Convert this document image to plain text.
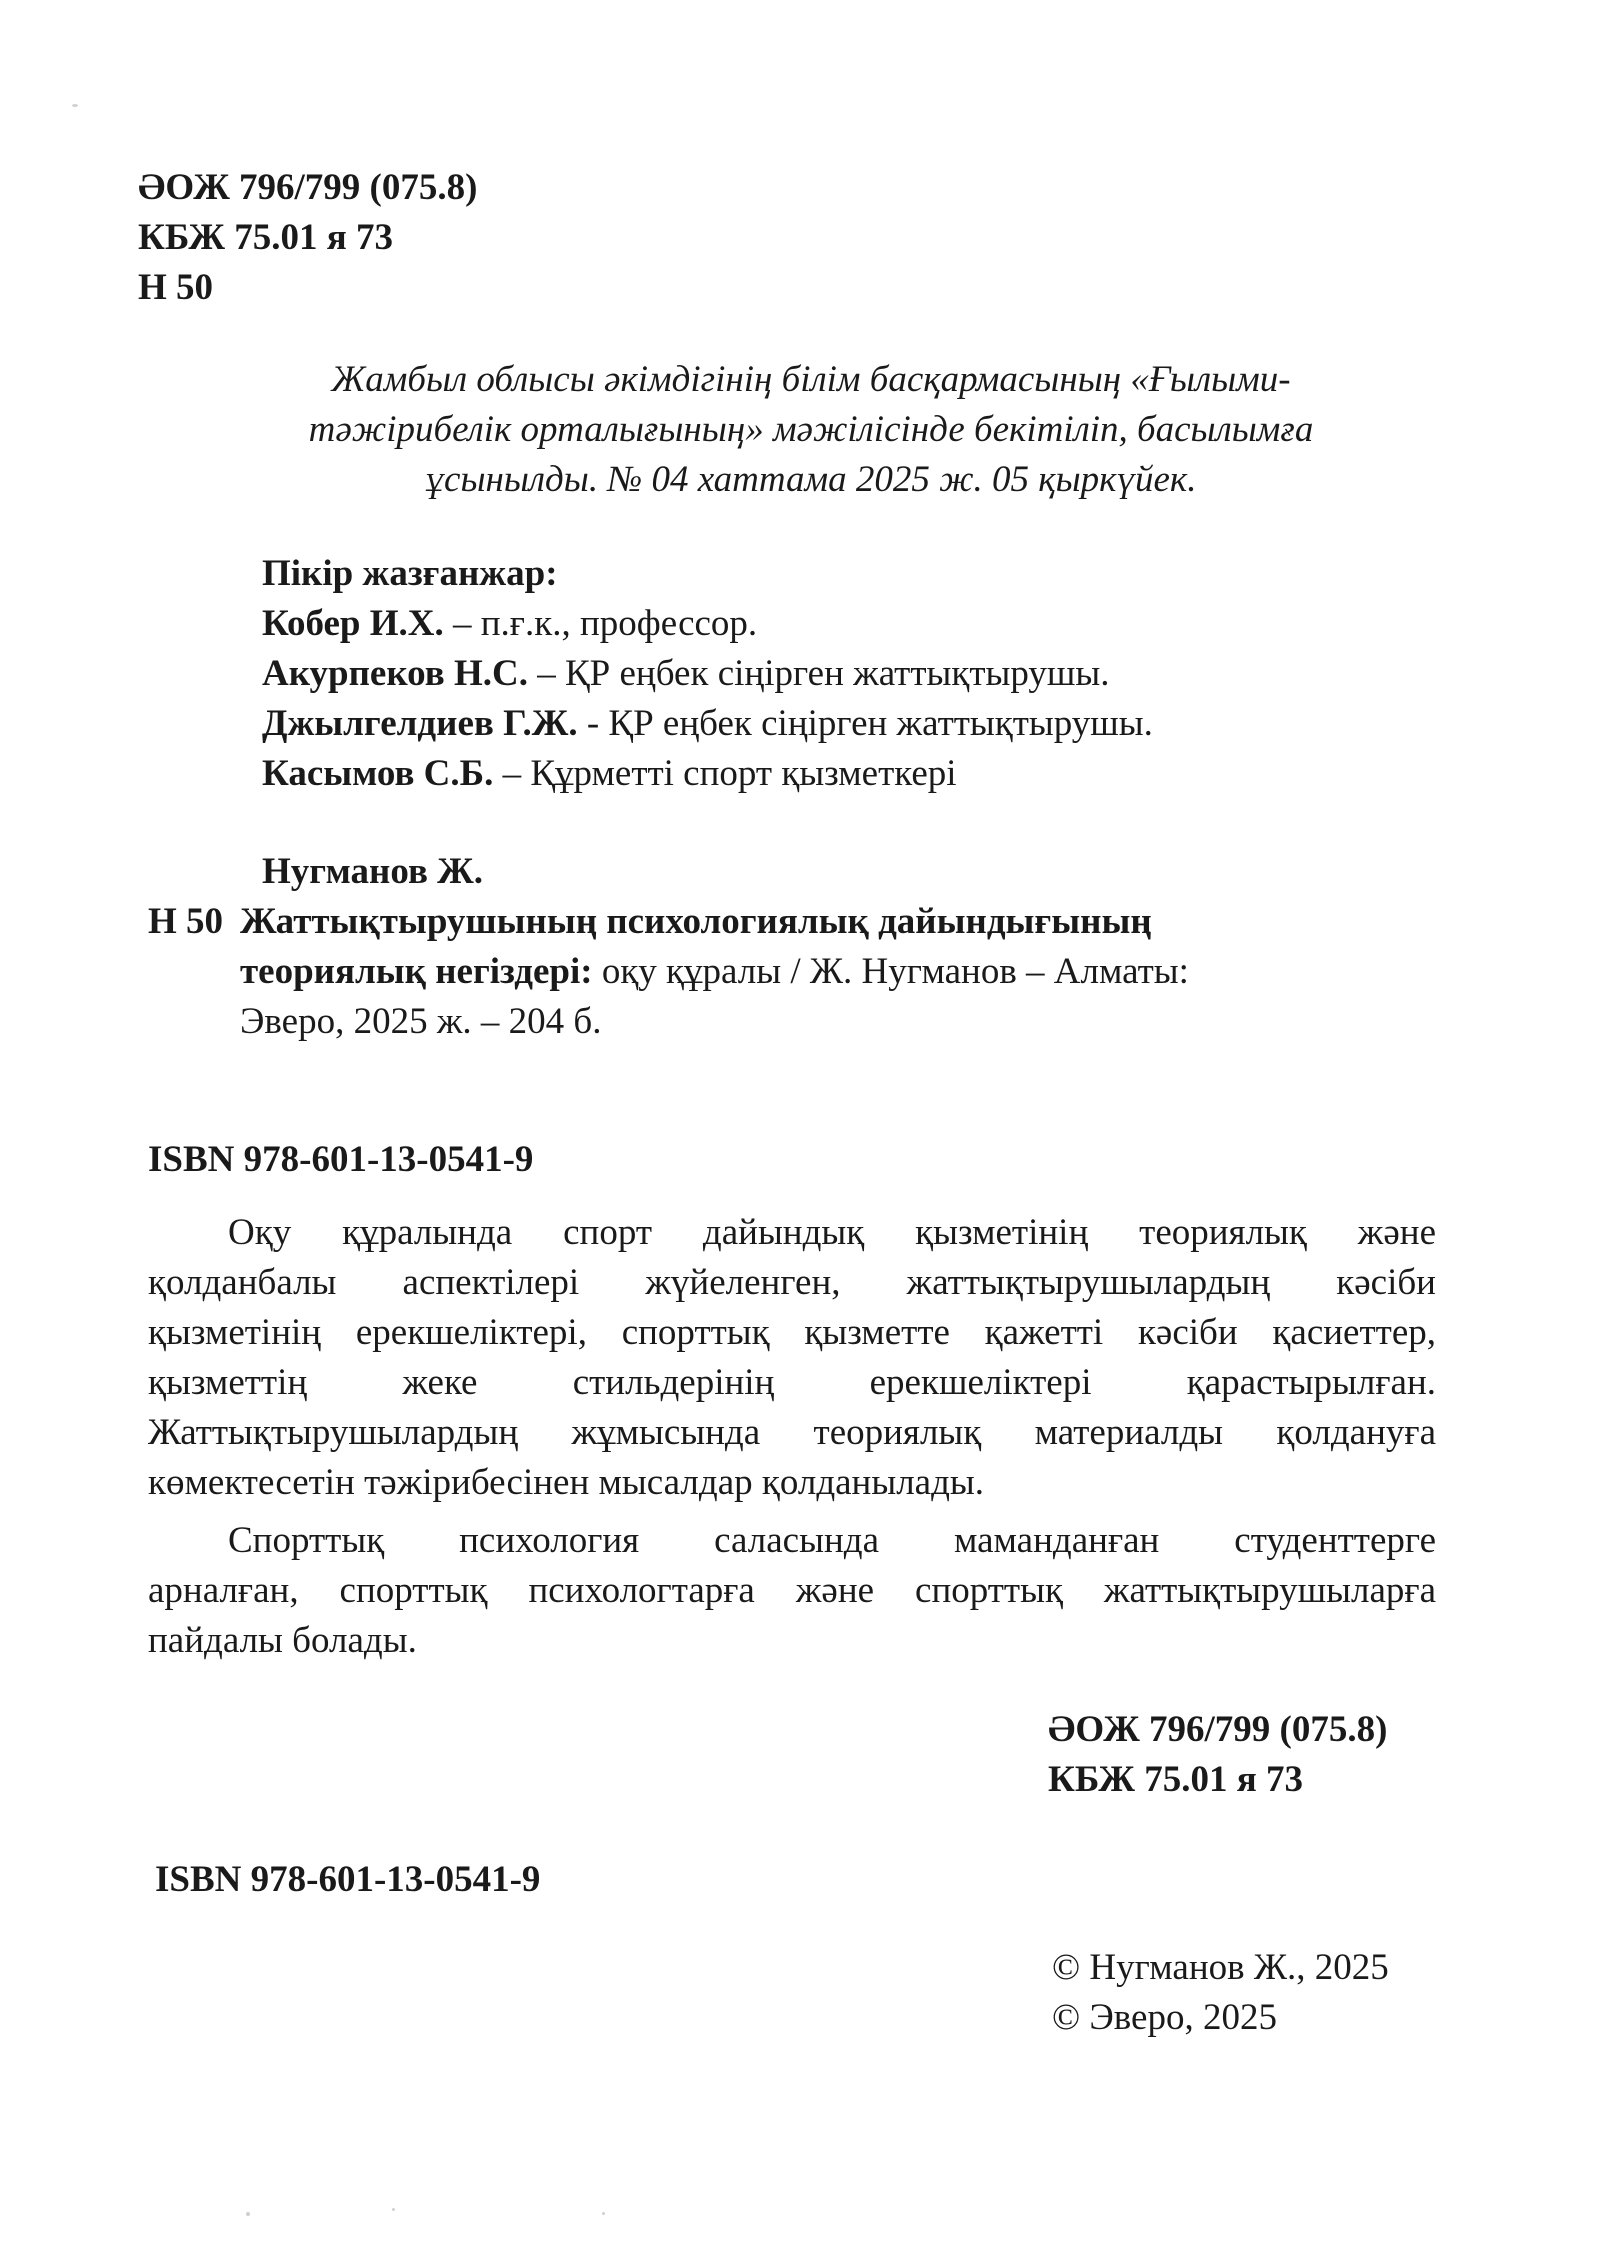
ӘОЖ 796/799 (075.8)
КБЖ 75.01 я 73
Н 50
Жамбыл облысы әкімдігінің білім басқармасының «Ғылыми-
тәжірибелік орталығының» мәжілісінде бекітіліп, басылымға
ұсынылды. № 04 хаттама 2025 ж. 05 қыркүйек.
Пікір жазғанжар:
Кобер И.Х. – п.ғ.к., профессор.
Акурпеков Н.С. – ҚР еңбек сіңірген жаттықтырушы.
Джылгелдиев Г.Ж. - ҚР еңбек сіңірген жаттықтырушы.
Касымов С.Б. – Құрметті спорт қызметкері
Нугманов Ж.
Н 50 Жаттықтырушының психологиялық дайындығының
теориялық негіздері: оқу құралы / Ж. Нугманов – Алматы:
Эверо, 2025 ж. – 204 б.
ISBN 978-601-13-0541-9
Оқу құралында спорт дайындық қызметінің теориялық және
қолданбалы аспектілері жүйеленген, жаттықтырушылардың кәсіби
қызметінің ерекшеліктері, спорттық қызметте қажетті кәсіби қасиеттер,
қызметтің жеке стильдерінің ерекшеліктері қарастырылған.
Жаттықтырушылардың жұмысында теориялық материалды қолдануға
көмектесетін тәжірибесінен мысалдар қолданылады.
Спорттық психология саласында маманданған студенттерге
арналған, спорттық психологтарға және спорттық жаттықтырушыларға
пайдалы болады.
ӘОЖ 796/799 (075.8)
КБЖ 75.01 я 73
ISBN 978-601-13-0541-9
© Нугманов Ж., 2025
© Эверо, 2025
